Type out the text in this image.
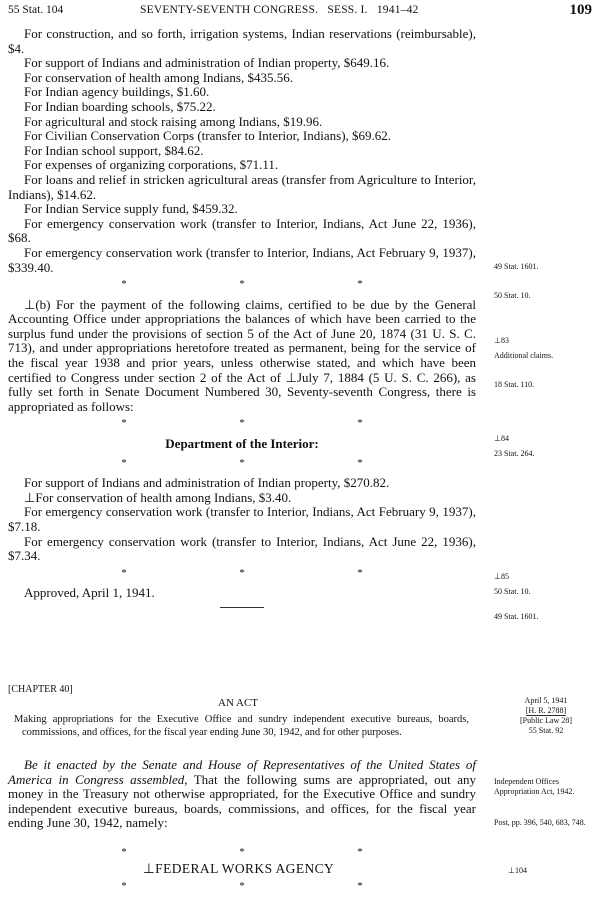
55 Stat. 104	SEVENTY-SEVENTH CONGRESS.   SESS. I.   1941–42	109

For construction, and so forth, irrigation systems, Indian reservations (reimbursable), $4.

For support of Indians and administration of Indian property, $649.16.

For conservation of health among Indians, $435.56.

For Indian agency buildings, $1.60.

For Indian boarding schools, $75.22.

For agricultural and stock raising among Indians, $19.96.

For Civilian Conservation Corps (transfer to Interior, Indians), $69.62.

For Indian school support, $84.62.

For expenses of organizing corporations, $71.11.

For loans and relief in stricken agricultural areas (transfer from Agriculture to Interior, Indians), $14.62.

For Indian Service supply fund, $459.32.

For emergency conservation work (transfer to Interior, Indians, Act June 22, 1936), $68.

For emergency conservation work (transfer to Interior, Indians, Act February 9, 1937), $339.40.

*	*	*

⊥(b) For the payment of the following claims, certified to be due by the General Accounting Office under appropriations the balances of which have been carried to the surplus fund under the provisions of section 5 of the Act of June 20, 1874 (31 U. S. C. 713), and under appropriations heretofore treated as permanent, being for the service of the fiscal year 1938 and prior years, unless otherwise stated, and which have been certified to Congress under section 2 of the Act of ⊥July 7, 1884 (5 U. S. C. 266), as fully set forth in Senate Document Numbered 30, Seventy-seventh Congress, there is appropriated as follows:

*	*	*
Department of the Interior:
*	*	*

For support of Indians and administration of Indian property, $270.82.

⊥For conservation of health among Indians, $3.40.

For emergency conservation work (transfer to Interior, Indians, Act February 9, 1937), $7.18.

For emergency conservation work (transfer to Interior, Indians, Act June 22, 1936), $7.34.

*	*	*

Approved, April 1, 1941.

[CHAPTER 40]
AN ACT

Making appropriations for the Executive Office and sundry independent executive bureaus, boards, commissions, and offices, for the fiscal year ending June 30, 1942, and for other purposes.

Be it enacted by the Senate and House of Representatives of the United States of America in Congress assembled, That the following sums are appropriated, out any money in the Treasury not otherwise appropriated, for the Executive Office and sundry independent executive bureaus, boards, commissions, and offices, for the fiscal year ending June 30, 1942, namely:

*	*	*
⊥FEDERAL WORKS AGENCY
*	*	*
49 Stat. 1601.
50 Stat. 10.
⊥83
Additional claims.
18 Stat. 110.
⊥84
23 Stat. 264.
⊥85
50 Stat. 10.
49 Stat. 1601.
April 5, 1941
[H. R. 2788]
[Public Law 28]
55 Stat. 92
Independent Offices Appropriation Act, 1942.
Post, pp. 396, 540, 683, 748.
⊥104
